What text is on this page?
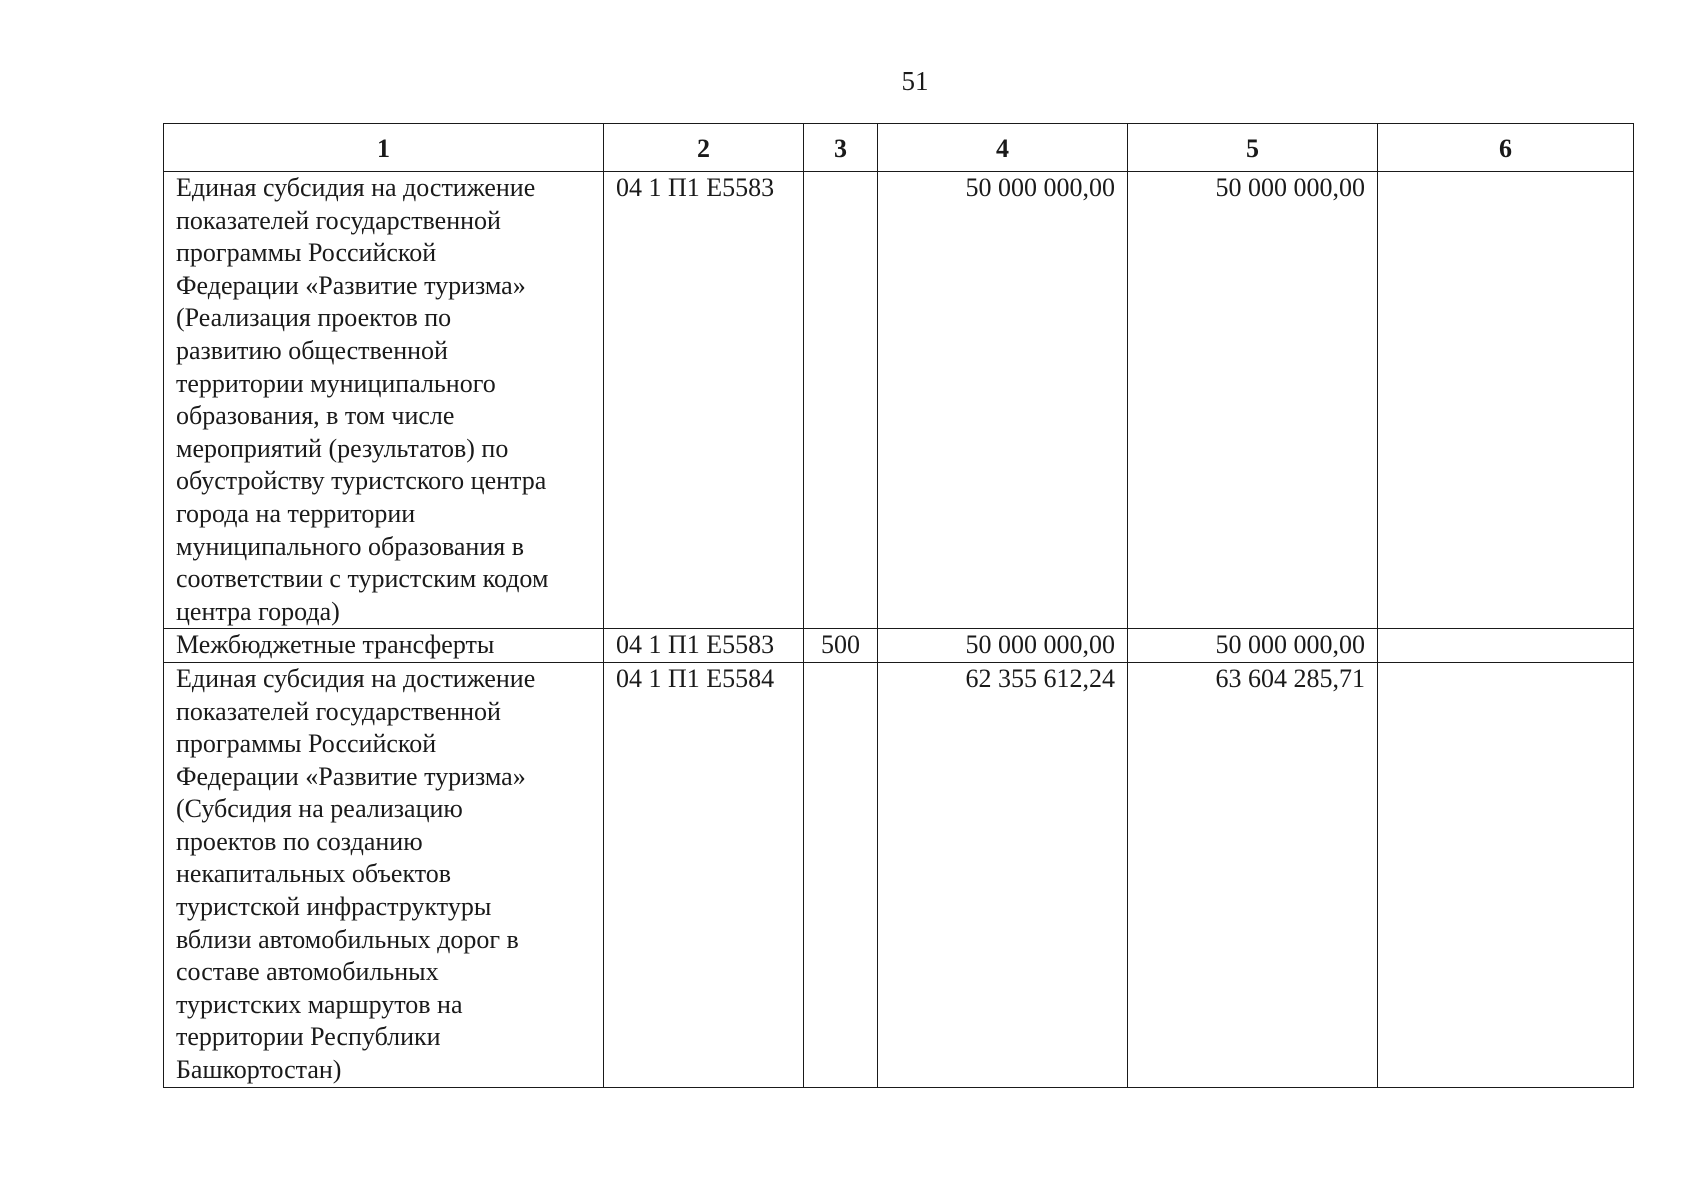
51
1	2	3	4	5	6

Единая субсидия на достижение показателей государственной программы Российской Федерации «Развитие туризма» (Реализация проектов по развитию общественной территории муниципального образования, в том числе мероприятий (результатов) по обустройству туристского центра города на территории муниципального образования в соответствии с туристским кодом центра города)	04 1 П1 Е5583		50 000 000,00	50 000 000,00	
Межбюджетные трансферты	04 1 П1 Е5583	500	50 000 000,00	50 000 000,00	

Единая субсидия на достижение показателей государственной программы Российской Федерации «Развитие туризма» (Субсидия на реализацию проектов по созданию некапитальных объектов туристской инфраструктуры вблизи автомобильных дорог в составе автомобильных туристских маршрутов на территории Республики Башкортостан)	04 1 П1 Е5584		62 355 612,24	63 604 285,71	
